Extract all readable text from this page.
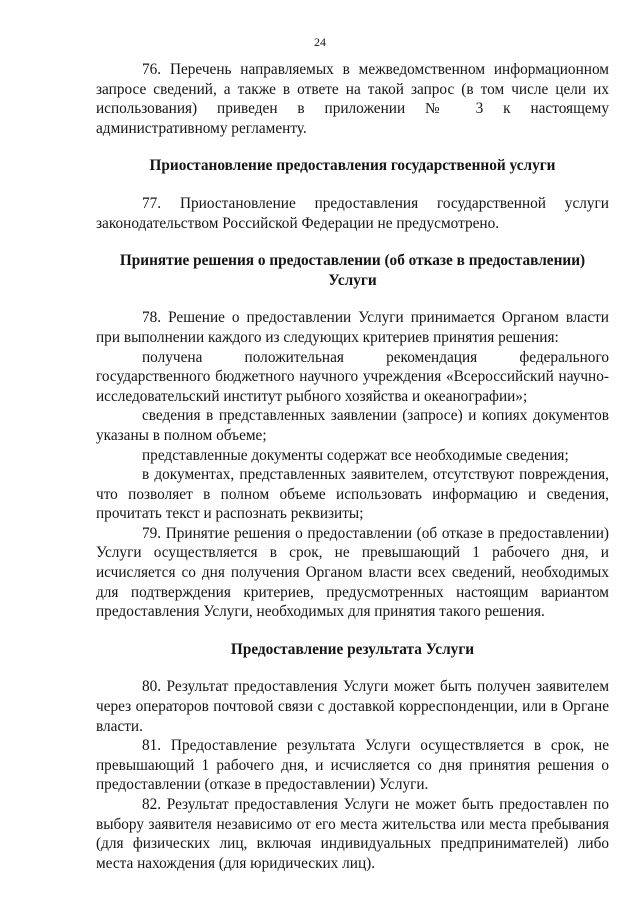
24

76. Перечень направляемых в межведомственном информационном запросе сведений, а также в ответе на такой запрос (в том числе цели их использования) приведен в приложении № 3 к настоящему административному регламенту.

Приостановление предоставления государственной услуги

77. Приостановление предоставления государственной услуги законодательством Российской Федерации не предусмотрено.

Принятие решения о предоставлении (об отказе в предоставлении)
Услуги

78. Решение о предоставлении Услуги принимается Органом власти при выполнении каждого из следующих критериев принятия решения:

получена положительная рекомендация федерального государственного бюджетного научного учреждения «Всероссийский научно-исследовательский институт рыбного хозяйства и океанографии»;

сведения в представленных заявлении (запросе) и копиях документов указаны в полном объеме;

представленные документы содержат все необходимые сведения;

в документах, представленных заявителем, отсутствуют повреждения, что позволяет в полном объеме использовать информацию и сведения, прочитать текст и распознать реквизиты;

79. Принятие решения о предоставлении (об отказе в предоставлении) Услуги осуществляется в срок, не превышающий 1 рабочего дня, и исчисляется со дня получения Органом власти всех сведений, необходимых для подтверждения критериев, предусмотренных настоящим вариантом предоставления Услуги, необходимых для принятия такого решения.

Предоставление результата Услуги

80. Результат предоставления Услуги может быть получен заявителем через операторов почтовой связи с доставкой корреспонденции, или в Органе власти.

81. Предоставление результата Услуги осуществляется в срок, не превышающий 1 рабочего дня, и исчисляется со дня принятия решения о предоставлении (отказе в предоставлении) Услуги.

82. Результат предоставления Услуги не может быть предоставлен по выбору заявителя независимо от его места жительства или места пребывания (для физических лиц, включая индивидуальных предпринимателей) либо места нахождения (для юридических лиц).
